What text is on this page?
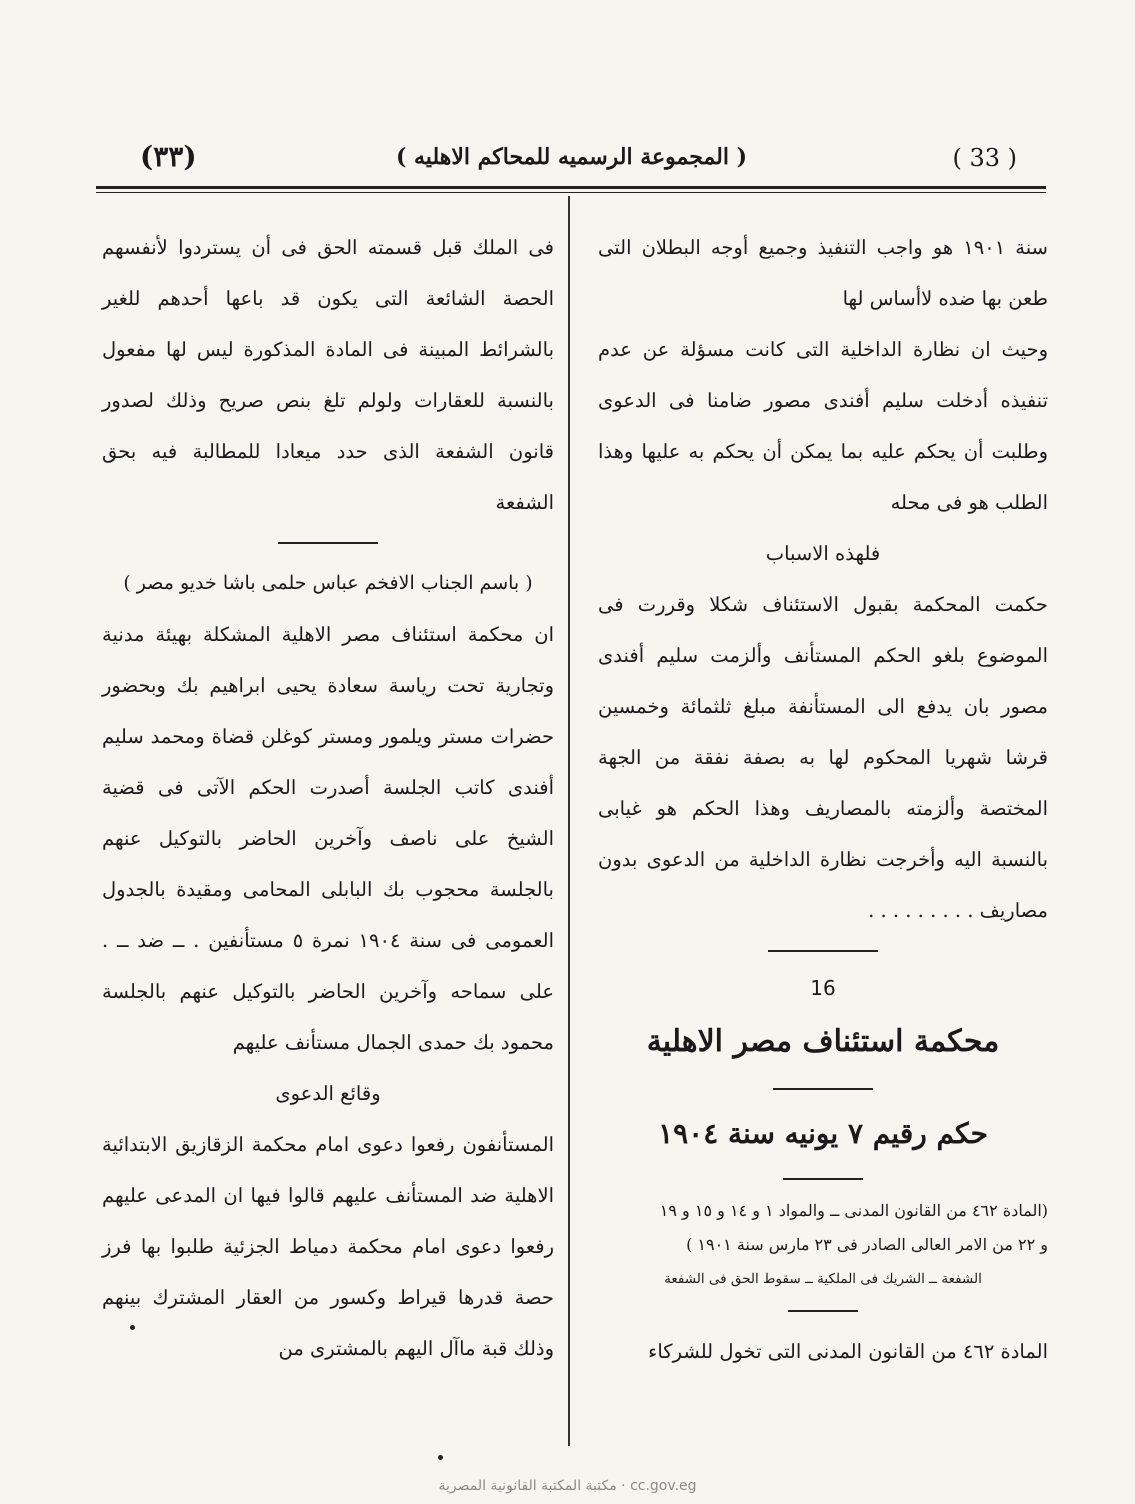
(٣٣)	( المجموعة الرسميه للمحاكم الاهليه )	( 33 )

سنة ١٩٠١ هو واجب التنفيذ وجميع أوجه البطلان التى طعن بها ضده لاأساس لها

وحيث ان نظارة الداخلية التى كانت مسؤلة عن عدم تنفيذه أدخلت سليم أفندى مصور ضامنا فى الدعوى وطلبت أن يحكم عليه بما يمكن أن يحكم به عليها وهذا الطلب هو فى محله

فلهذه الاسباب

حكمت المحكمة بقبول الاستئناف شكلا وقررت فى الموضوع بلغو الحكم المستأنف وألزمت سليم أفندى مصور بان يدفع الى المستأنفة مبلغ ثلثمائة وخمسين قرشا شهريا المحكوم لها به بصفة نفقة من الجهة المختصة وألزمته بالمصاريف وهذا الحكم هو غيابى بالنسبة اليه وأخرجت نظارة الداخلية من الدعوى بدون مصاريف . . . . . . . . .

16
محكمة استئناف مصر الاهلية
حكم رقيم ٧ يونيه سنة ١٩٠٤

(المادة ٤٦٢ من القانون المدنى ــ والمواد ١ و ١٤ و ١٥ و ١٩

و ٢٢ من الامر العالى الصادر فى ٢٣ مارس سنة ١٩٠١ )

الشفعة ــ الشريك فى الملكية ــ سقوط الحق فى الشفعة

المادة ٤٦٢ من القانون المدنى التى تخول للشركاء

فى الملك قبل قسمته الحق فى أن يستردوا لأنفسهم الحصة الشائعة التى يكون قد باعها أحدهم للغير بالشرائط المبينة فى المادة المذكورة ليس لها مفعول بالنسبة للعقارات ولولم تلغ بنص صريح وذلك لصدور قانون الشفعة الذى حدد ميعادا للمطالبة فيه بحق الشفعة

( باسم الجناب الافخم عباس حلمى باشا خديو مصر )

ان محكمة استئناف مصر الاهلية المشكلة بهيئة مدنية وتجارية تحت رياسة سعادة يحيى ابراهيم بك وبحضور حضرات مستر ويلمور ومستر كوغلن قضاة ومحمد سليم أفندى كاتب الجلسة أصدرت الحكم الآتى فى قضية الشيخ على ناصف وآخرين الحاضر بالتوكيل عنهم بالجلسة محجوب بك البابلى المحامى ومقيدة بالجدول العمومى فى سنة ١٩٠٤ نمرة ٥ مستأنفين . ــ ضد ــ . على سماحه وآخرين الحاضر بالتوكيل عنهم بالجلسة محمود بك حمدى الجمال مستأنف عليهم

وقائع الدعوى

المستأنفون رفعوا دعوى امام محكمة الزقازيق الابتدائية الاهلية ضد المستأنف عليهم قالوا فيها ان المدعى عليهم رفعوا دعوى امام محكمة دمياط الجزئية طلبوا بها فرز حصة قدرها قيراط وكسور من العقار المشترك بينهم وذلك قبة ماآل اليهم بالمشترى من

cc.gov.eg · مكتبة المكتبة القانونية المصرية
